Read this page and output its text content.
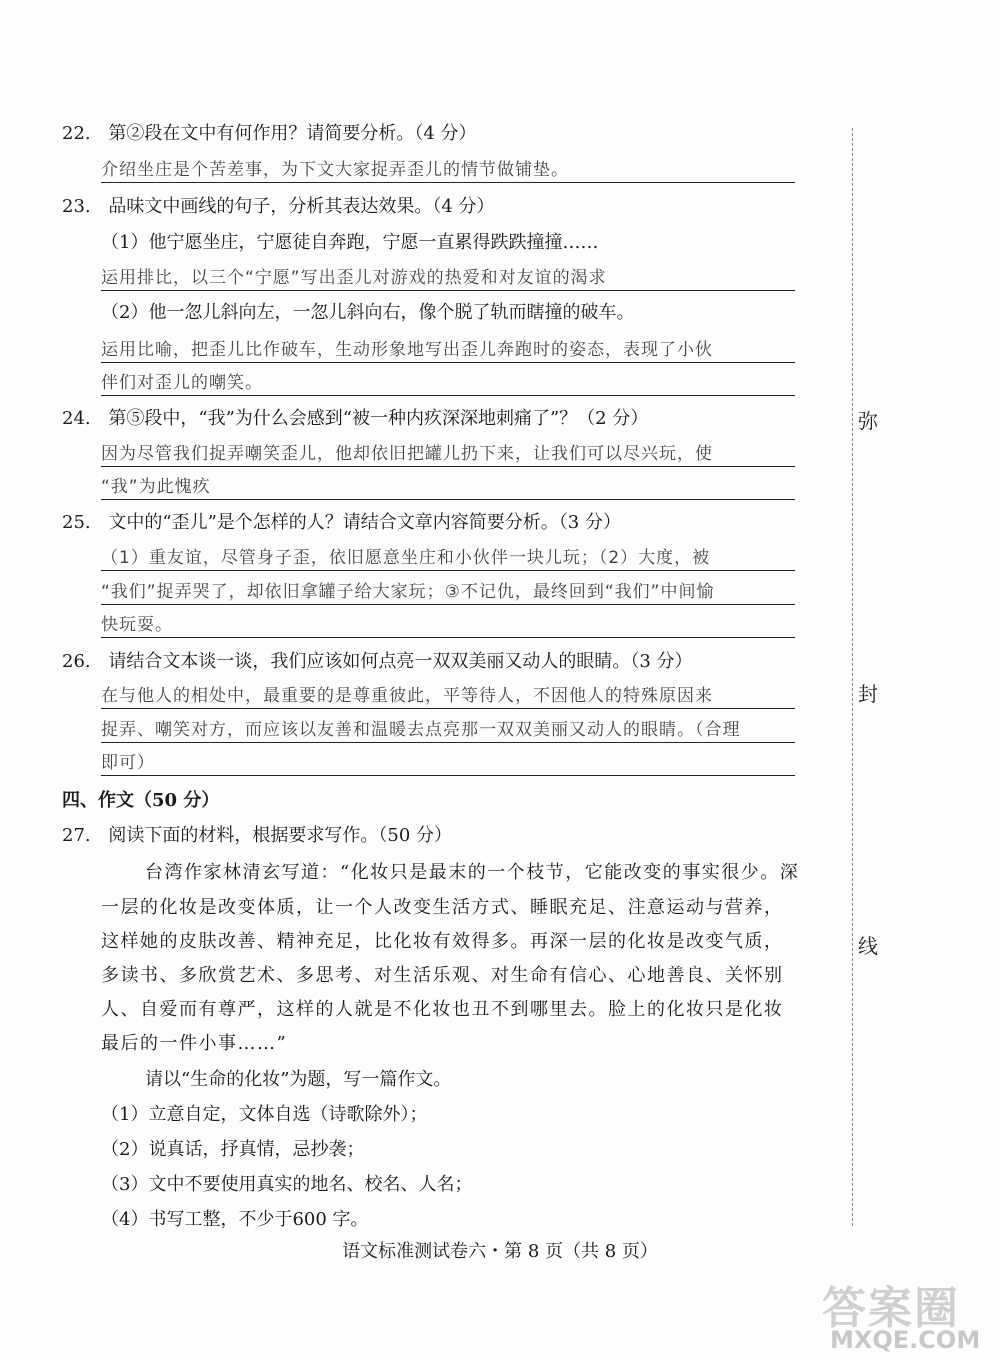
22. 第②段在文中有何作用？请简要分析。（4 分）
介绍坐庄是个苦差事，为下文大家捉弄歪儿的情节做铺垫。
23. 品味文中画线的句子，分析其表达效果。（4 分）
（1）他宁愿坐庄，宁愿徒自奔跑，宁愿一直累得跌跌撞撞……
运用排比，以三个“宁愿”写出歪儿对游戏的热爱和对友谊的渴求
（2）他一忽儿斜向左，一忽儿斜向右，像个脱了轨而瞎撞的破车。
运用比喻，把歪儿比作破车，生动形象地写出歪儿奔跑时的姿态，表现了小伙
伴们对歪儿的嘲笑。
24. 第⑤段中，“我”为什么会感到“被一种内疚深深地刺痛了”？（2 分）
因为尽管我们捉弄嘲笑歪儿，他却依旧把罐儿扔下来，让我们可以尽兴玩，使
“我”为此愧疚
25. 文中的“歪儿”是个怎样的人？请结合文章内容简要分析。（3 分）
（1）重友谊，尽管身子歪，依旧愿意坐庄和小伙伴一块儿玩；（2）大度，被
“我们”捉弄哭了，却依旧拿罐子给大家玩；③不记仇，最终回到“我们”中间愉
快玩耍。
26. 请结合文本谈一谈，我们应该如何点亮一双双美丽又动人的眼睛。（3 分）
在与他人的相处中，最重要的是尊重彼此，平等待人，不因他人的特殊原因来
捉弄、嘲笑对方，而应该以友善和温暖去点亮那一双双美丽又动人的眼睛。（合理
即可）
四、作文（50 分）
27. 阅读下面的材料，根据要求写作。（50 分）
台湾作家林清玄写道：“化妆只是最末的一个枝节，它能改变的事实很少。深
一层的化妆是改变体质，让一个人改变生活方式、睡眠充足、注意运动与营养，
这样她的皮肤改善、精神充足，比化妆有效得多。再深一层的化妆是改变气质，
多读书、多欣赏艺术、多思考、对生活乐观、对生命有信心、心地善良、关怀别
人、自爱而有尊严，这样的人就是不化妆也丑不到哪里去。脸上的化妆只是化妆
最后的一件小事……”
请以“生命的化妆”为题，写一篇作文。
（1）立意自定，文体自选（诗歌除外）；
（2）说真话，抒真情，忌抄袭；
（3）文中不要使用真实的地名、校名、人名；
（4）书写工整，不少于600 字。
弥
封
线
语文标准测试卷六・第 8 页（共 8 页）
答案圈
MXQE.COM
